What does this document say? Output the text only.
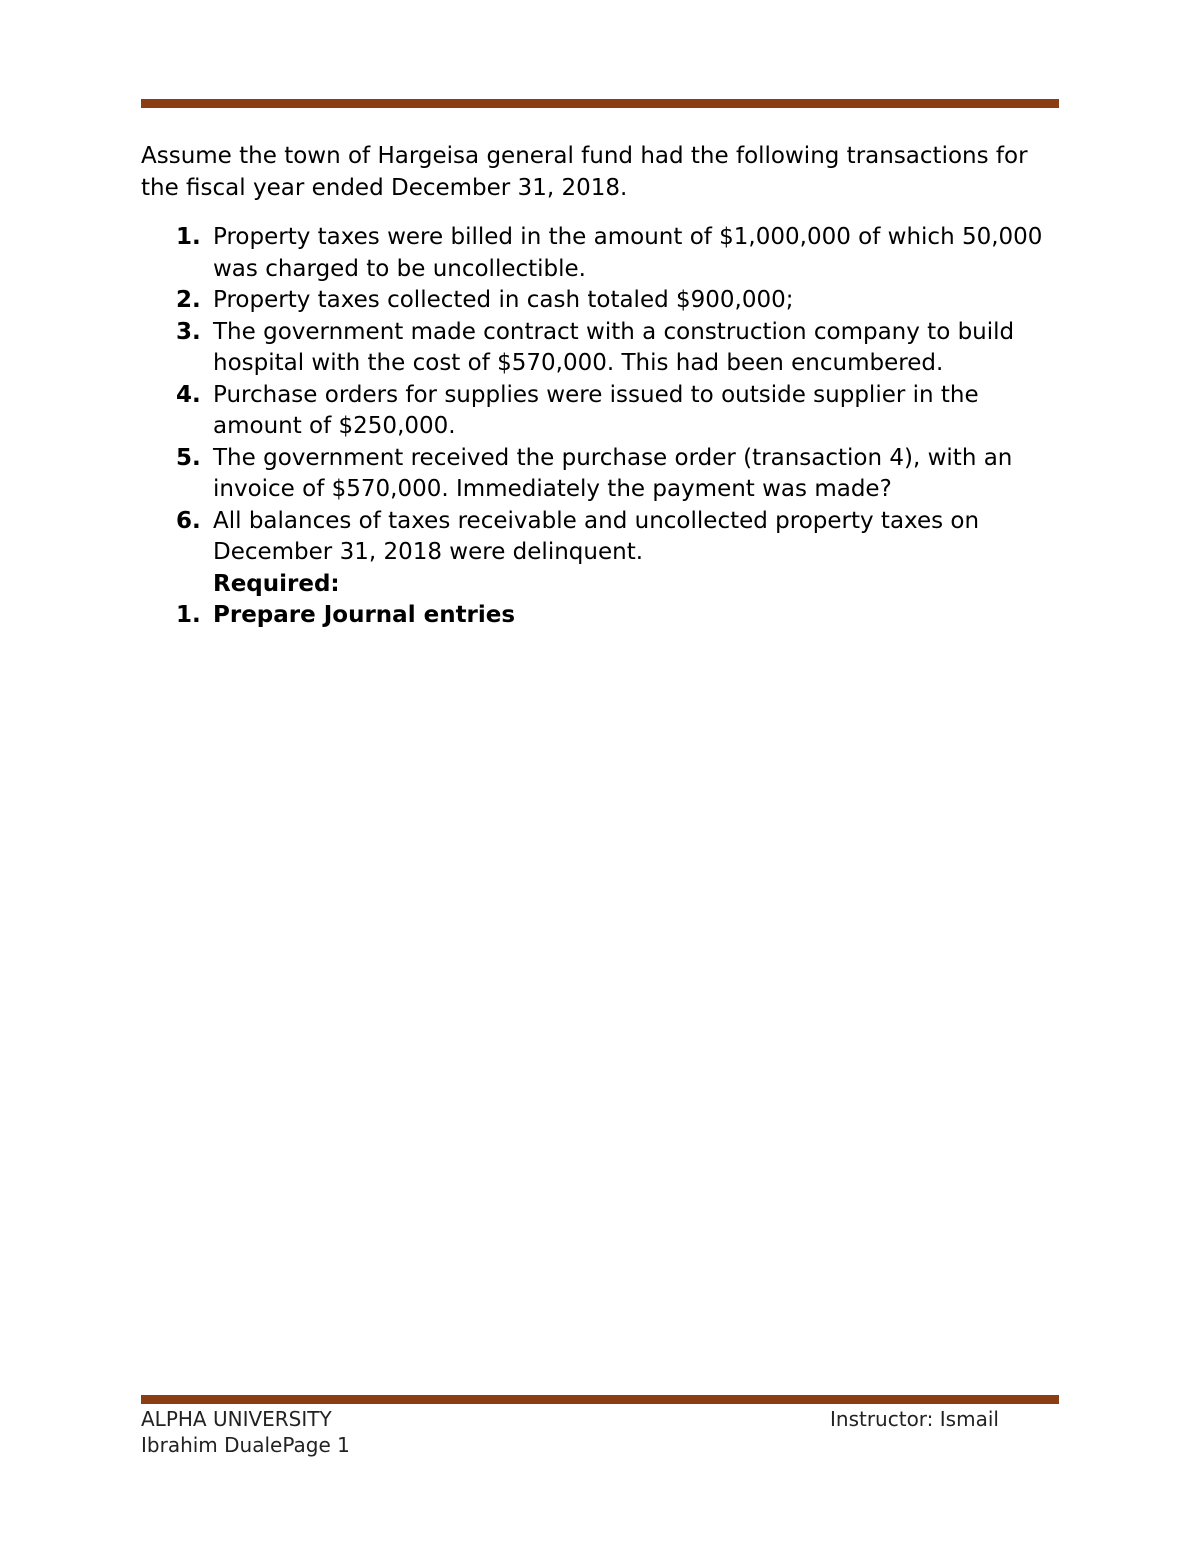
Assume the town of Hargeisa general fund had the following transactions for the fiscal year ended December 31, 2018.

1. Property taxes were billed in the amount of $1,000,000 of which 50,000 was charged to be uncollectible.
2. Property taxes collected in cash totaled $900,000;
3. The government made contract with a construction company to build hospital with the cost of $570,000. This had been encumbered.
4. Purchase orders for supplies were issued to outside supplier in the amount of $250,000.
5. The government received the purchase order (transaction 4), with an invoice of $570,000. Immediately the payment was made?
6. All balances of taxes receivable and uncollected property taxes on December 31, 2018 were delinquent.
Required:
1. Prepare Journal entries
ALPHA UNIVERSITY
Ibrahim DualePage 1
Instructor: Ismail
